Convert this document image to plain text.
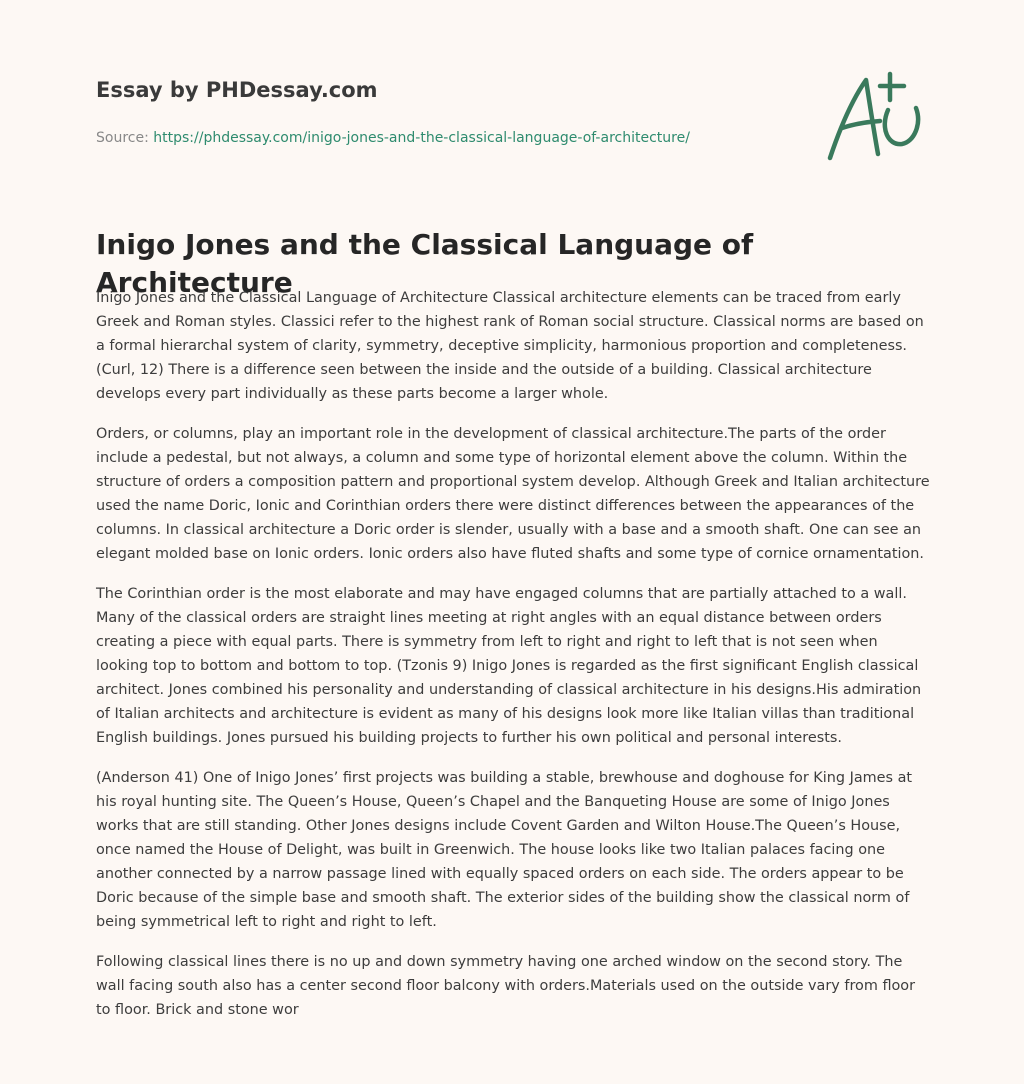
Essay by PHDessay.com
Source: https://phdessay.com/inigo-jones-and-the-classical-language-of-architecture/
Inigo Jones and the Classical Language of Architecture

Inigo Jones and the Classical Language of Architecture Classical architecture elements can be traced from early Greek and Roman styles. Classici refer to the highest rank of Roman social structure. Classical norms are based on a formal hierarchal system of clarity, symmetry, deceptive simplicity, harmonious proportion and completeness. (Curl, 12) There is a difference seen between the inside and the outside of a building. Classical architecture develops every part individually as these parts become a larger whole.

Orders, or columns, play an important role in the development of classical architecture.The parts of the order include a pedestal, but not always, a column and some type of horizontal element above the column. Within the structure of orders a composition pattern and proportional system develop. Although Greek and Italian architecture used the name Doric, Ionic and Corinthian orders there were distinct differences between the appearances of the columns. In classical architecture a Doric order is slender, usually with a base and a smooth shaft. One can see an elegant molded base on Ionic orders. Ionic orders also have fluted shafts and some type of cornice ornamentation.

The Corinthian order is the most elaborate and may have engaged columns that are partially attached to a wall. Many of the classical orders are straight lines meeting at right angles with an equal distance between orders creating a piece with equal parts. There is symmetry from left to right and right to left that is not seen when looking top to bottom and bottom to top. (Tzonis 9) Inigo Jones is regarded as the first significant English classical architect. Jones combined his personality and understanding of classical architecture in his designs.His admiration of Italian architects and architecture is evident as many of his designs look more like Italian villas than traditional English buildings. Jones pursued his building projects to further his own political and personal interests.

(Anderson 41) One of Inigo Jones’ first projects was building a stable, brewhouse and doghouse for King James at his royal hunting site. The Queen’s House, Queen’s Chapel and the Banqueting House are some of Inigo Jones works that are still standing. Other Jones designs include Covent Garden and Wilton House.The Queen’s House, once named the House of Delight, was built in Greenwich. The house looks like two Italian palaces facing one another connected by a narrow passage lined with equally spaced orders on each side. The orders appear to be Doric because of the simple base and smooth shaft. The exterior sides of the building show the classical norm of being symmetrical left to right and right to left.

Following classical lines there is no up and down symmetry having one arched window on the second story. The wall facing south also has a center second floor balcony with orders.Materials used on the outside vary from floor to floor. Brick and stone wor
